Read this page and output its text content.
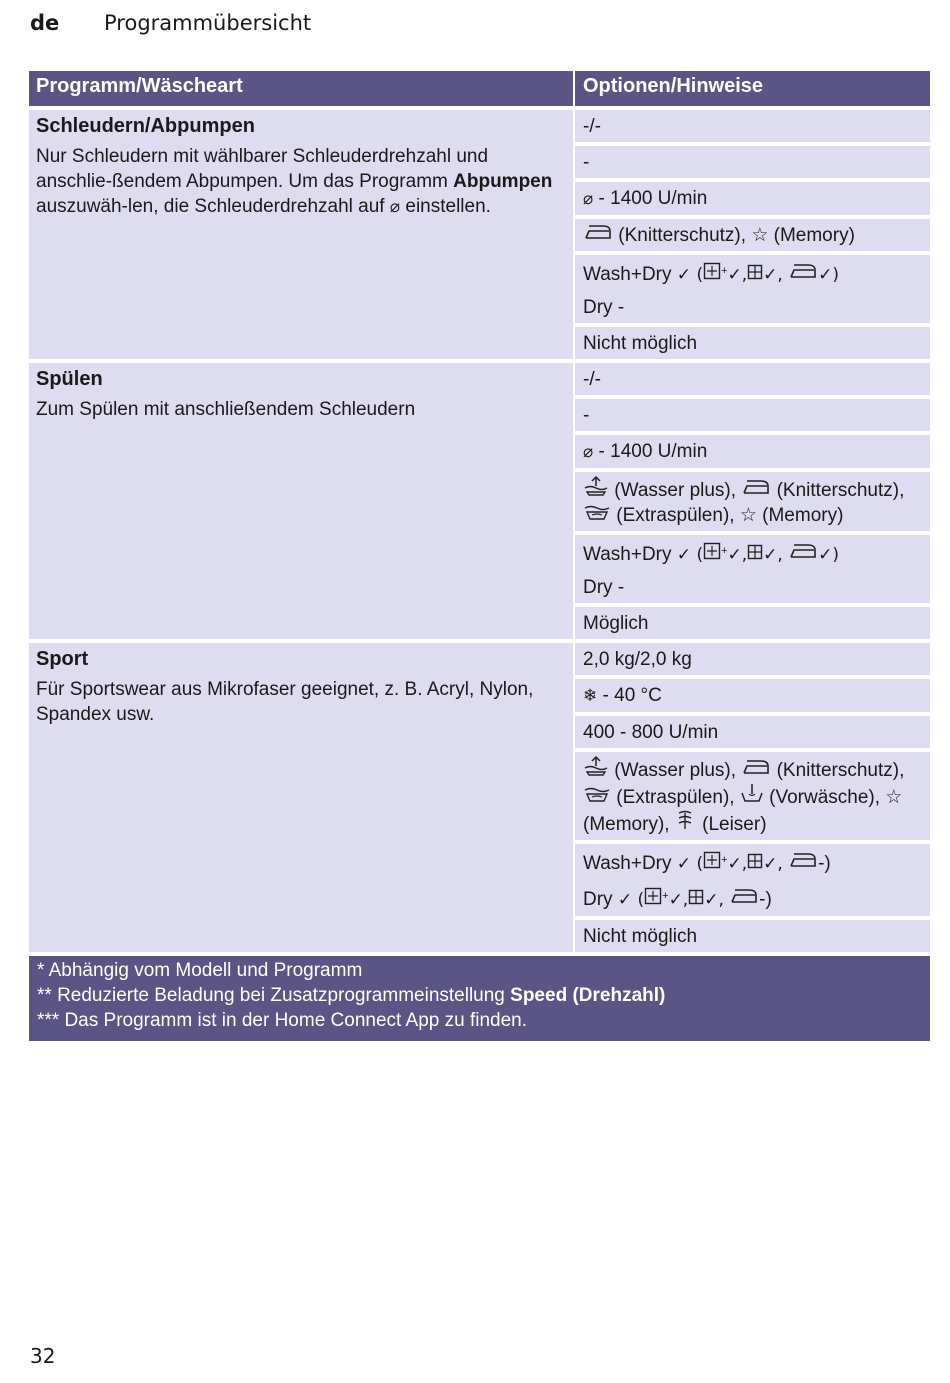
de	Programmübersicht
Programm/Wäscheart	Optionen/Hinweise
Schleudern/Abpumpen
Nur Schleudern mit wählbarer Schleuderdrehzahl und anschlie-ßendem Abpumpen. Um das Programm Abpumpen auszuwäh-len, die Schleuderdrehzahl auf ⌀ einstellen.
-/-
-
⌀ - 1400 U/min
(Knitterschutz), ☆ (Memory)
Wash+Dry ✓ ( +✓, ✓, ✓)
Dry -
Nicht möglich
Spülen
Zum Spülen mit anschließendem Schleudern
-/-
-
⌀ - 1400 U/min
(Wasser plus), (Knitterschutz),
(Extraspülen), ☆ (Memory)
Wash+Dry ✓ ( +✓, ✓, ✓)
Dry -
Möglich
Sport
Für Sportswear aus Mikrofaser geeignet, z. B. Acryl, Nylon, Spandex usw.
2,0 kg/2,0 kg
❄ - 40 °C
400 - 800 U/min
(Wasser plus), (Knitterschutz),
(Extraspülen), (Vorwäsche), ☆
(Memory), (Leiser)
Wash+Dry ✓ ( +✓, ✓, -)
Dry ✓ ( +✓, ✓, -)
Nicht möglich
* Abhängig vom Modell und Programm
** Reduzierte Beladung bei Zusatzprogrammeinstellung Speed (Drehzahl)
*** Das Programm ist in der Home Connect App zu finden.
32
